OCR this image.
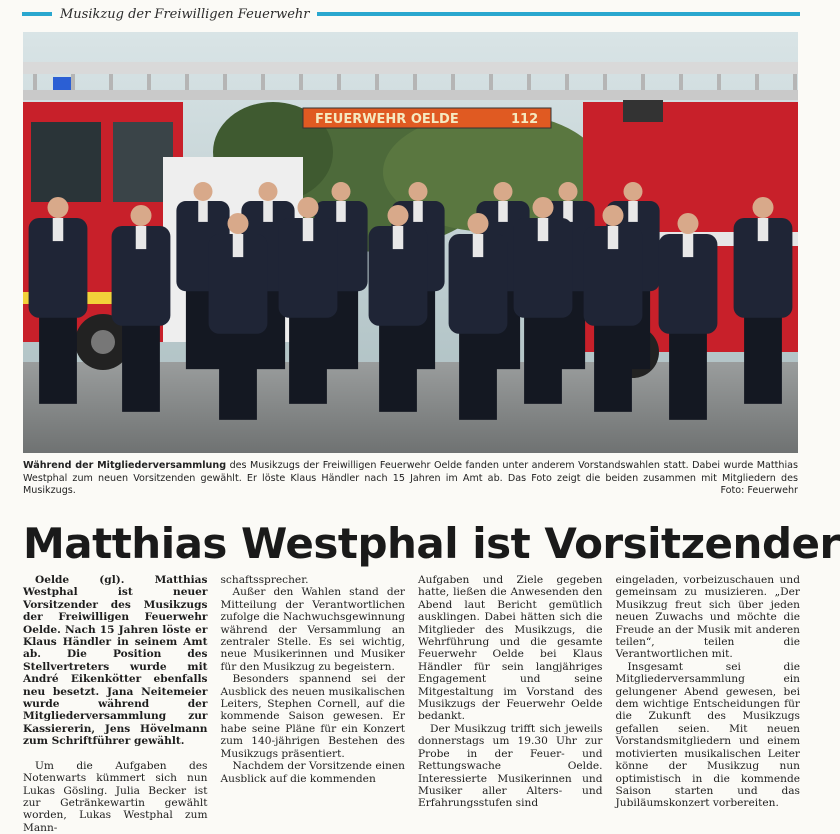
Musikzug der Freiwilligen Feuerwehr
FEUERWEHR OELDE	112
Während der Mitgliederversammlung des Musikzugs der Freiwilligen Feuerwehr Oelde fanden unter anderem Vorstandswahlen statt. Dabei wurde Matthias Westphal zum neuen Vorsitzenden gewählt. Er löste Klaus Händler nach 15 Jahren im Amt ab. Das Foto zeigt die beiden zusammen mit Mitgliedern des Musikzugs.	Foto: Feuerwehr
Matthias Westphal ist Vorsitzender

Oelde (gl). Matthias Westphal ist neuer Vorsitzender des Musikzugs der Freiwilligen Feuerwehr Oelde. Nach 15 Jahren löste er Klaus Händler in seinem Amt ab. Die Position des Stellvertreters wurde mit André Eikenkötter ebenfalls neu besetzt. Jana Neitemeier wurde während der Mitgliederversammlung zur Kassiererin, Jens Hövelmann zum Schriftführer gewählt.

Um die Aufgaben des Notenwarts kümmert sich nun Lukas Gösling. Julia Becker ist zur Getränkewartin gewählt worden, Lukas Westphal zum Mann-

schaftssprecher.

Außer den Wahlen stand der Mitteilung der Verantwortlichen zufolge die Nachwuchsgewinnung während der Versammlung an zentraler Stelle. Es sei wichtig, neue Musikerinnen und Musiker für den Musikzug zu begeistern.

Besonders spannend sei der Ausblick des neuen musikalischen Leiters, Stephen Cornell, auf die kommende Saison gewesen. Er habe seine Pläne für ein Konzert zum 140-jährigen Bestehen des Musikzugs präsentiert.

Nachdem der Vorsitzende einen Ausblick auf die kommenden

Aufgaben und Ziele gegeben hatte, ließen die Anwesenden den Abend laut Bericht gemütlich ausklingen. Dabei hätten sich die Mitglieder des Musikzugs, die Wehrführung und die gesamte Feuerwehr Oelde bei Klaus Händler für sein langjähriges Engagement und seine Mitgestaltung im Vorstand des Musikzugs der Feuerwehr Oelde bedankt.

Der Musikzug trifft sich jeweils donnerstags um 19.30 Uhr zur Probe in der Feuer- und Rettungswache Oelde. Interessierte Musikerinnen und Musiker aller Alters- und Erfahrungsstufen sind

eingeladen, vorbeizuschauen und gemeinsam zu musizieren. „Der Musikzug freut sich über jeden neuen Zuwachs und möchte die Freude an der Musik mit anderen teilen“, teilen die Verantwortlichen mit.

Insgesamt sei die Mitgliederversammlung ein gelungener Abend gewesen, bei dem wichtige Entscheidungen für die Zukunft des Musikzugs gefallen seien. Mit neuen Vorstandsmitgliedern und einem motivierten musikalischen Leiter könne der Musikzug nun optimistisch in die kommende Saison starten und das Jubiläumskonzert vorbereiten.
